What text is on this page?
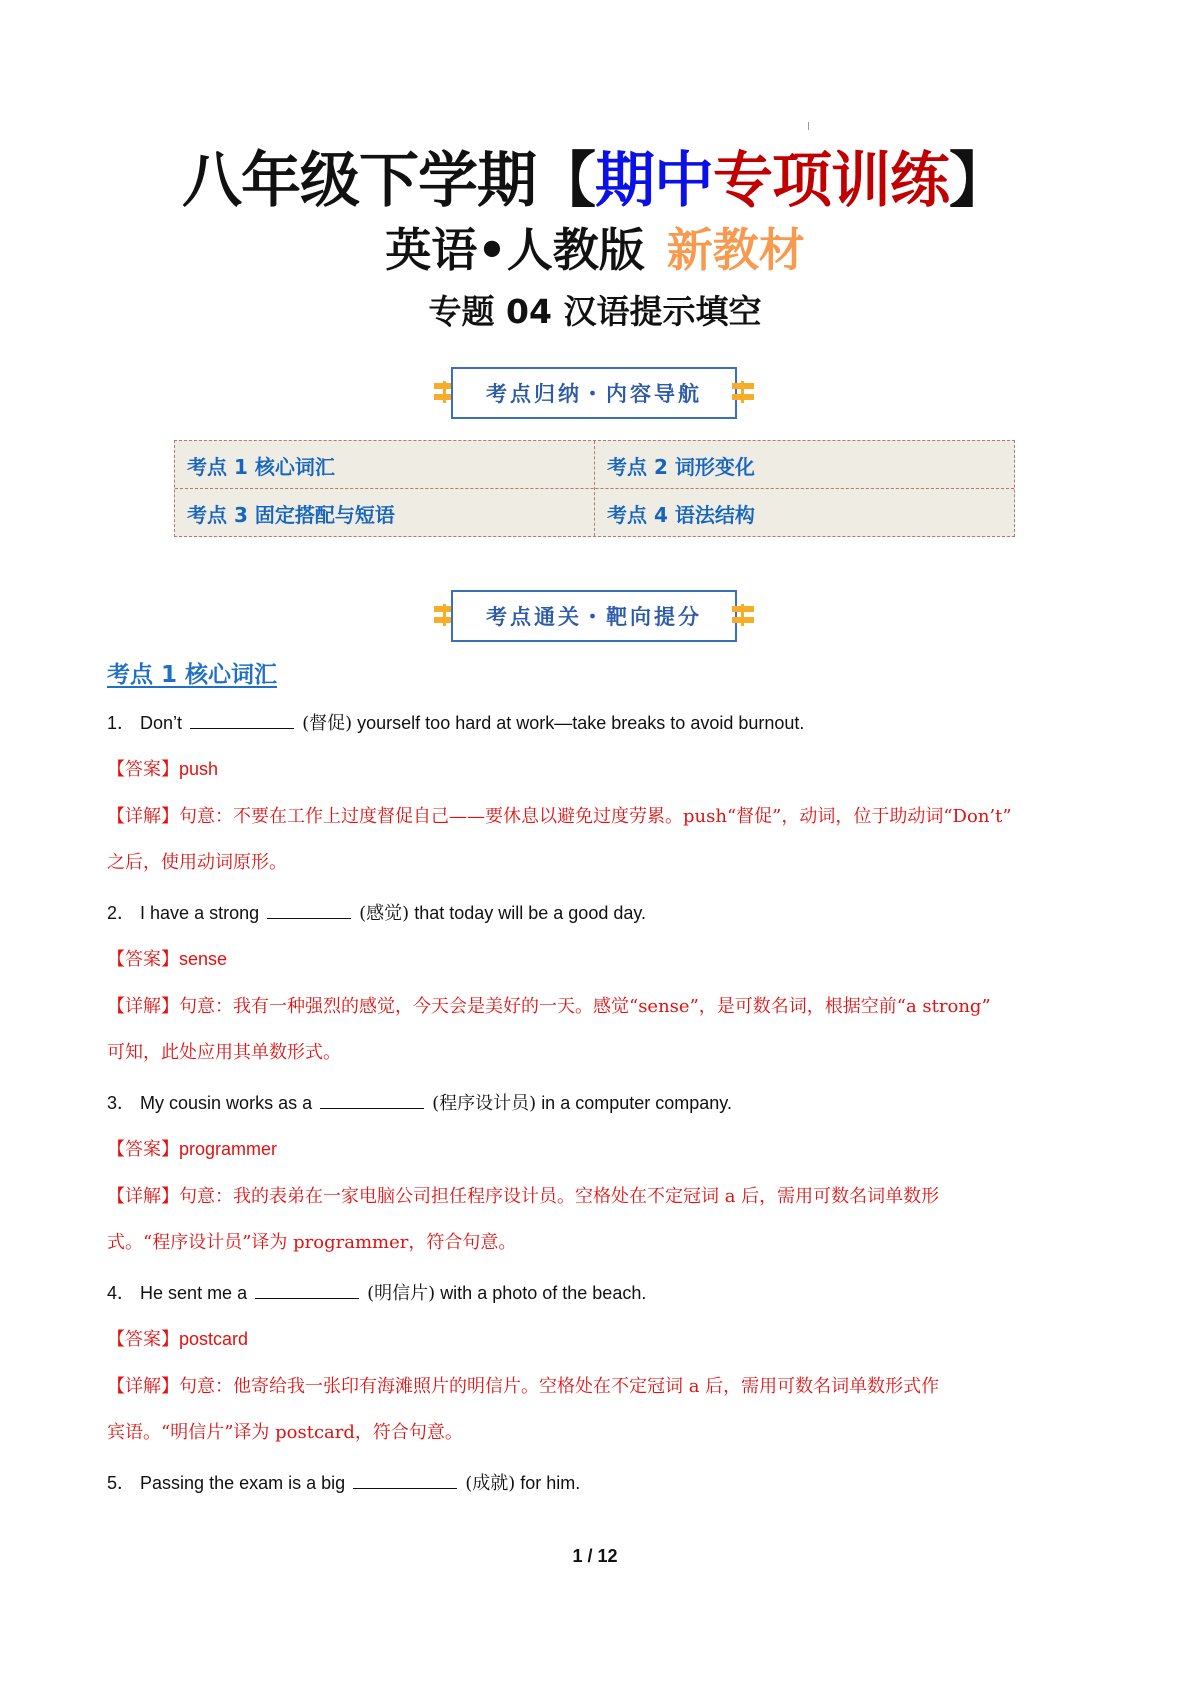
八年级下学期【期中专项训练】
英语•人教版 新教材
专题 04 汉语提示填空
考点归纳・内容导航
考点 1 核心词汇	考点 2 词形变化
考点 3 固定搭配与短语	考点 4 语法结构
考点通关・靶向提分
考点 1 核心词汇
1． Don’t	(督促) yourself too hard at work—take breaks to avoid burnout.
【答案】push
【详解】句意：不要在工作上过度督促自己——要休息以避免过度劳累。push“督促”，动词，位于助动词“Don’t”
之后，使用动词原形。
2． I have a strong	(感觉) that today will be a good day.
【答案】sense
【详解】句意：我有一种强烈的感觉，今天会是美好的一天。感觉“sense”，是可数名词，根据空前“a strong”
可知，此处应用其单数形式。
3． My cousin works as a	(程序设计员) in a computer company.
【答案】programmer
【详解】句意：我的表弟在一家电脑公司担任程序设计员。空格处在不定冠词 a 后，需用可数名词单数形
式。“程序设计员”译为 programmer，符合句意。
4． He sent me a	(明信片) with a photo of the beach.
【答案】postcard
【详解】句意：他寄给我一张印有海滩照片的明信片。空格处在不定冠词 a 后，需用可数名词单数形式作
宾语。“明信片”译为 postcard，符合句意。
5． Passing the exam is a big	(成就) for him.
1 / 12
